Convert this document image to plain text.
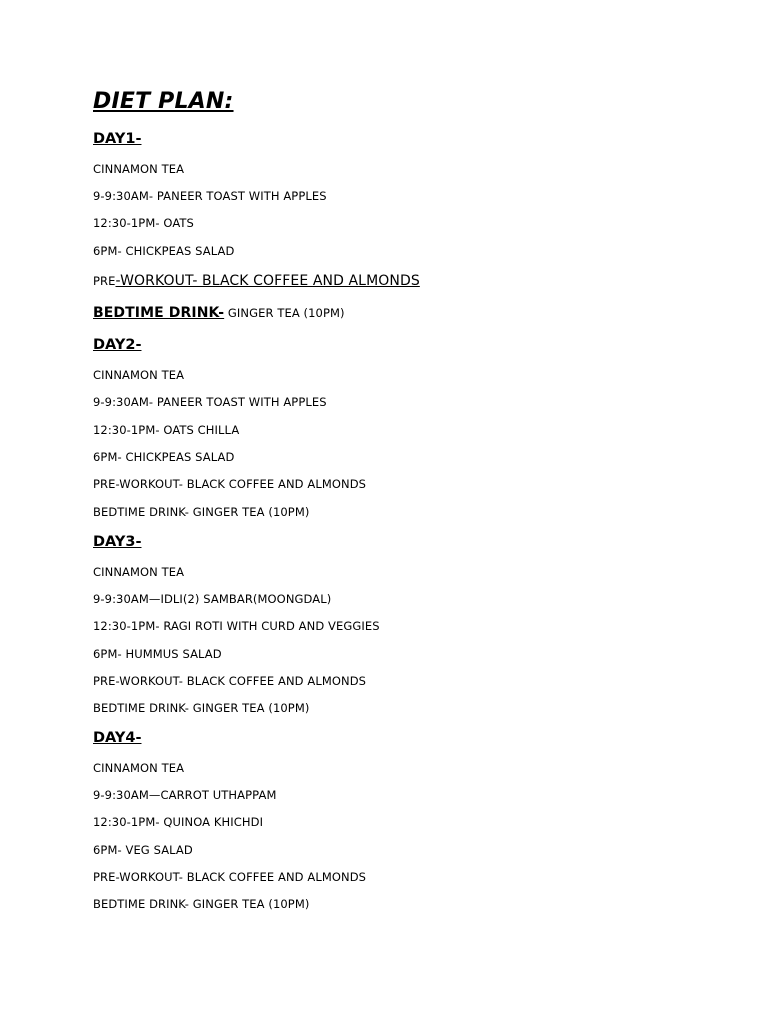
DIET PLAN:
DAY1-
CINNAMON TEA
9-9:30AM- PANEER TOAST WITH APPLES
12:30-1PM- OATS
6PM- CHICKPEAS SALAD
PRE-WORKOUT- BLACK COFFEE AND ALMONDS
BEDTIME DRINK- GINGER TEA (10PM)
DAY2-
CINNAMON TEA
9-9:30AM- PANEER TOAST WITH APPLES
12:30-1PM- OATS CHILLA
6PM- CHICKPEAS SALAD
PRE-WORKOUT- BLACK COFFEE AND ALMONDS
BEDTIME DRINK- GINGER TEA (10PM)
DAY3-
CINNAMON TEA
9-9:30AM—IDLI(2) SAMBAR(MOONGDAL)
12:30-1PM- RAGI ROTI WITH CURD AND VEGGIES
6PM- HUMMUS SALAD
PRE-WORKOUT- BLACK COFFEE AND ALMONDS
BEDTIME DRINK- GINGER TEA (10PM)
DAY4-
CINNAMON TEA
9-9:30AM—CARROT UTHAPPAM
12:30-1PM- QUINOA KHICHDI
6PM- VEG SALAD
PRE-WORKOUT- BLACK COFFEE AND ALMONDS
BEDTIME DRINK- GINGER TEA (10PM)
